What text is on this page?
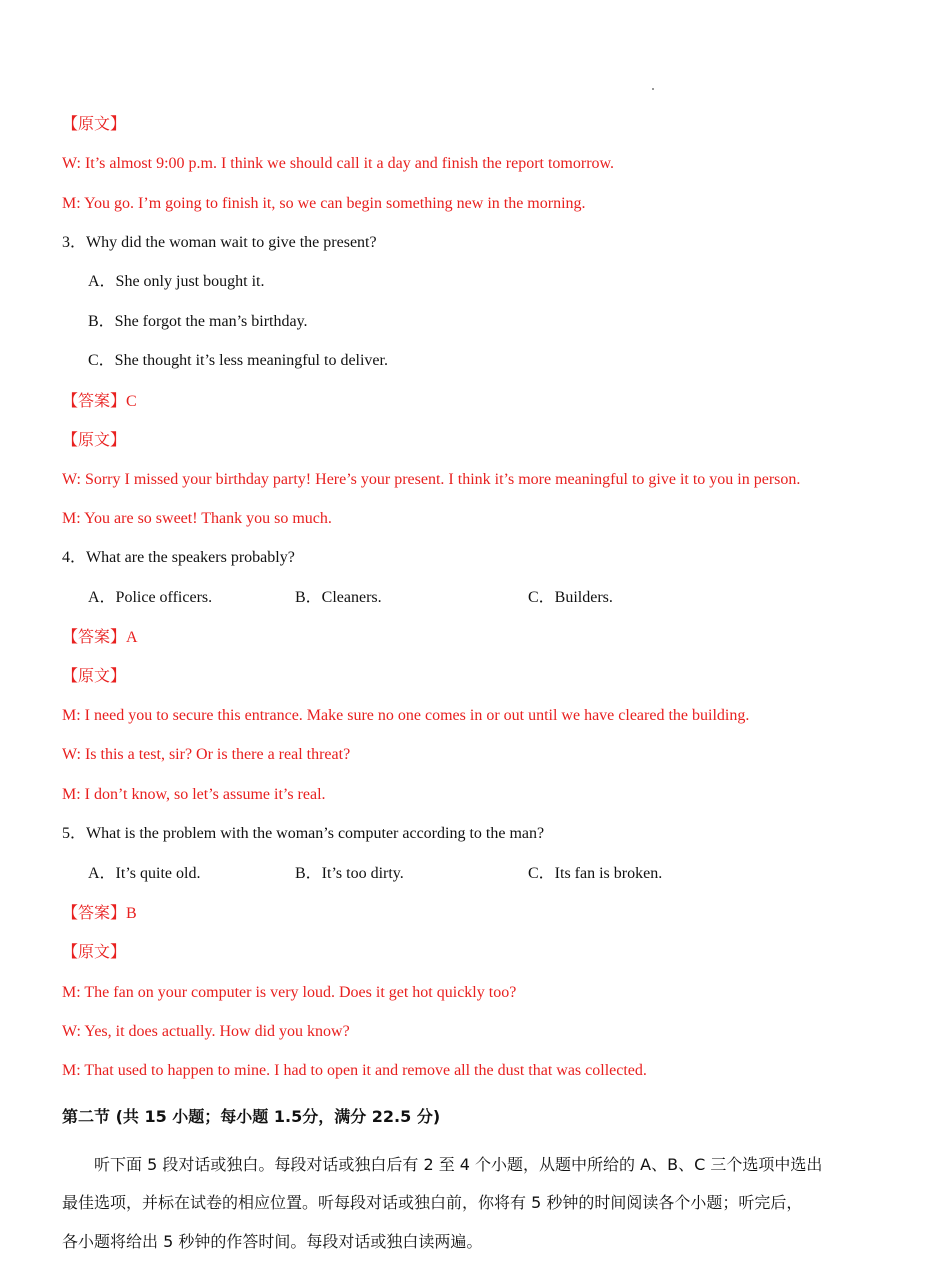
【原文】
W: It’s almost 9:00 p.m. I think we should call it a day and finish the report tomorrow.
M: You go. I’m going to finish it, so we can begin something new in the morning.
3．Why did the woman wait to give the present?
A．She only just bought it.
B．She forgot the man’s birthday.
C．She thought it’s less meaningful to deliver.
【答案】C
【原文】
W: Sorry I missed your birthday party! Here’s your present. I think it’s more meaningful to give it to you in person.
M: You are so sweet! Thank you so much.
4．What are the speakers probably?
A．Police officers.	B．Cleaners.	C．Builders.
【答案】A
【原文】
M: I need you to secure this entrance. Make sure no one comes in or out until we have cleared the building.
W: Is this a test, sir? Or is there a real threat?
M: I don’t know, so let’s assume it’s real.
5．What is the problem with the woman’s computer according to the man?
A．It’s quite old.	B．It’s too dirty.	C．Its fan is broken.
【答案】B
【原文】
M: The fan on your computer is very loud. Does it get hot quickly too?
W: Yes, it does actually. How did you know?
M: That used to happen to mine. I had to open it and remove all the dust that was collected.
第二节 (共 15 小题；每小题 1.5分，满分 22.5 分)
听下面 5 段对话或独白。每段对话或独白后有 2 至 4 个小题，从题中所给的 A、B、C 三个选项中选出
最佳选项，并标在试卷的相应位置。听每段对话或独白前，你将有 5 秒钟的时间阅读各个小题；听完后，
各小题将给出 5 秒钟的作答时间。每段对话或独白读两遍。
